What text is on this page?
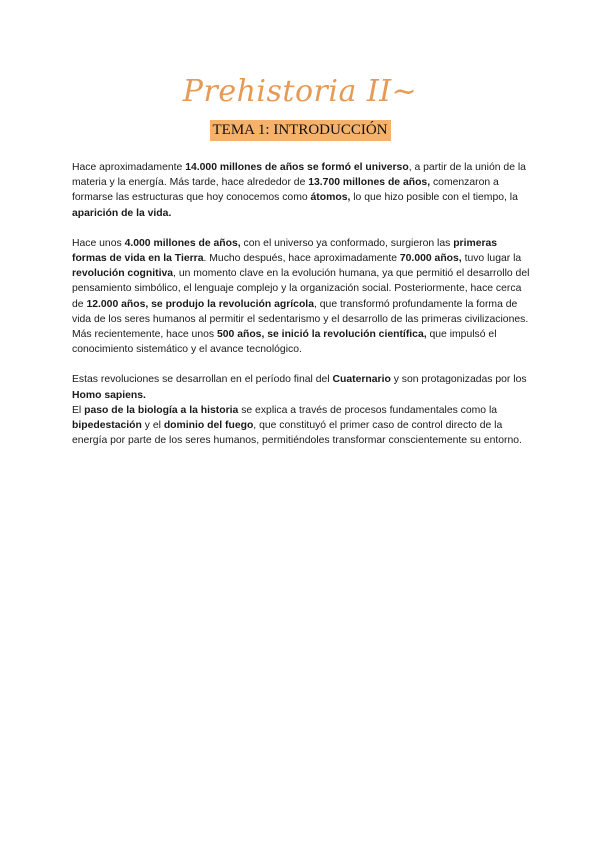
Prehistoria II~
TEMA 1: INTRODUCCIÓN

Hace aproximadamente 14.000 millones de años se formó el universo, a partir de la unión de la materia y la energía. Más tarde, hace alrededor de 13.700 millones de años, comenzaron a formarse las estructuras que hoy conocemos como átomos, lo que hizo posible con el tiempo, la aparición de la vida.

Hace unos 4.000 millones de años, con el universo ya conformado, surgieron las primeras formas de vida en la Tierra. Mucho después, hace aproximadamente 70.000 años, tuvo lugar la revolución cognitiva, un momento clave en la evolución humana, ya que permitió el desarrollo del pensamiento simbólico, el lenguaje complejo y la organización social. Posteriormente, hace cerca de 12.000 años, se produjo la revolución agrícola, que transformó profundamente la forma de vida de los seres humanos al permitir el sedentarismo y el desarrollo de las primeras civilizaciones. Más recientemente, hace unos 500 años, se inició la revolución científica, que impulsó el conocimiento sistemático y el avance tecnológico.

Estas revoluciones se desarrollan en el período final del Cuaternario y son protagonizadas por los Homo sapiens.

El paso de la biología a la historia se explica a través de procesos fundamentales como la bipedestación y el dominio del fuego, que constituyó el primer caso de control directo de la energía por parte de los seres humanos, permitiéndoles transformar conscientemente su entorno.
